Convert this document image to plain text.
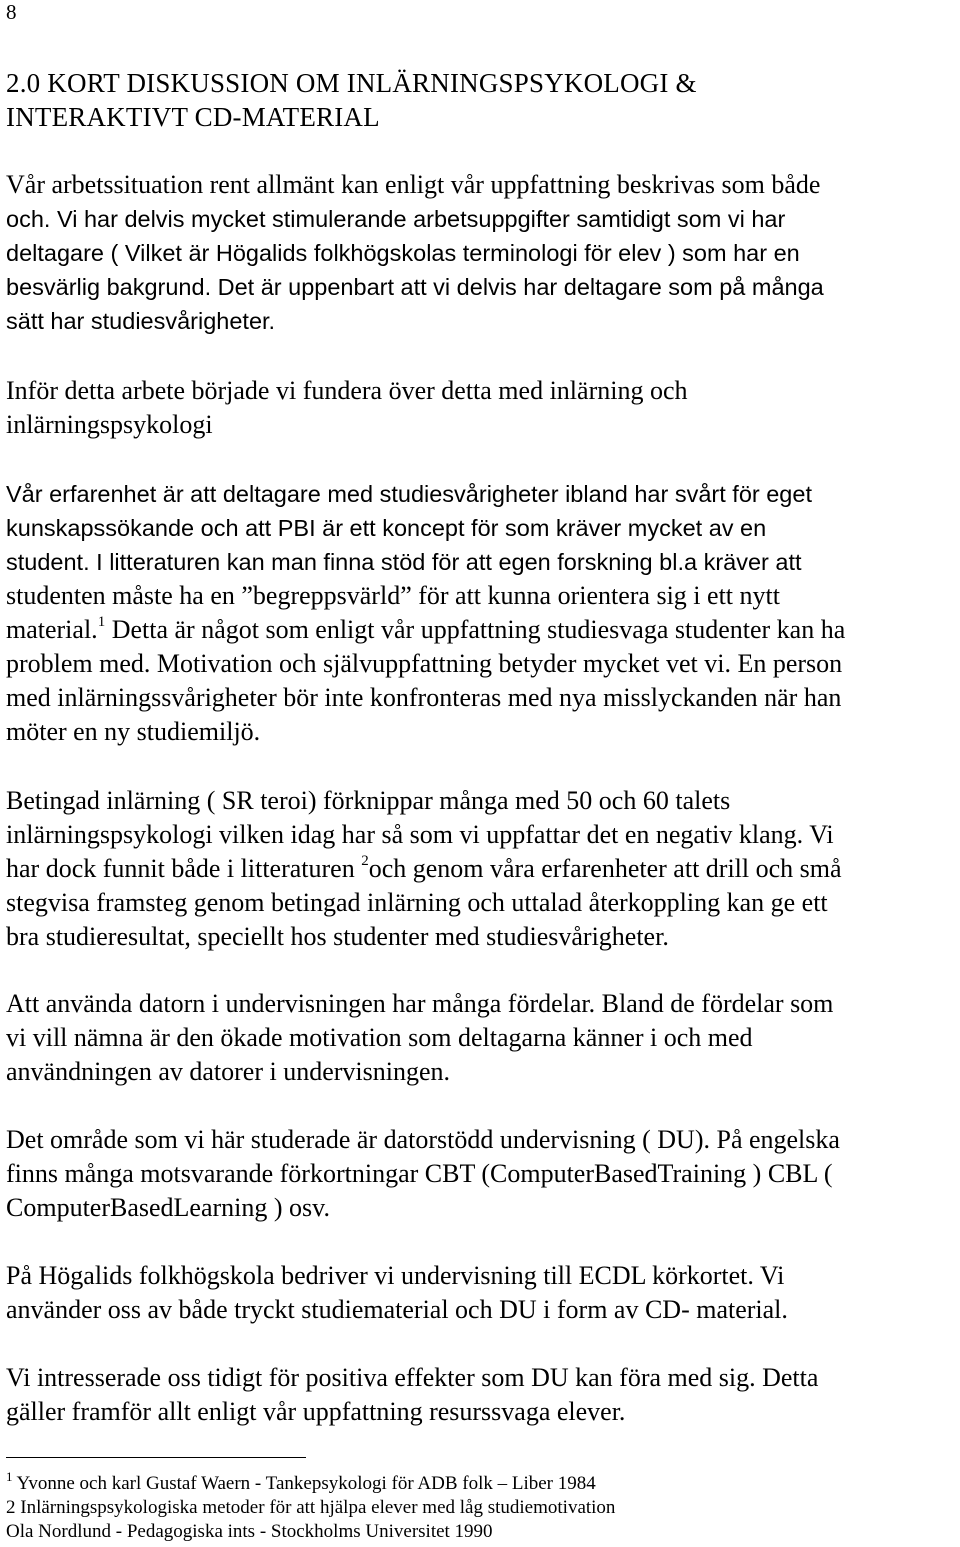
8
2.0 KORT DISKUSSION OM INLÄRNINGSPSYKOLOGI &
INTERAKTIVT CD-MATERIAL

Vår arbetssituation rent allmänt kan enligt vår uppfattning beskrivas som både
och. Vi har delvis mycket stimulerande arbetsuppgifter samtidigt som vi har
deltagare ( Vilket är Högalids folkhögskolas terminologi för elev ) som har en
besvärlig bakgrund. Det är uppenbart att vi delvis har deltagare som på många
sätt har studiesvårigheter.

Inför detta arbete började vi fundera över detta med inlärning och
inlärningspsykologi

Vår erfarenhet är att deltagare med studiesvårigheter ibland har svårt för eget
kunskapssökande och att PBI är ett koncept för som kräver mycket av en
student. I litteraturen kan man finna stöd för att egen forskning bl.a kräver att
studenten måste ha en ”begreppsvärld” för att kunna orientera sig i ett nytt
material.$^1$ Detta är något som enligt vår uppfattning studiesvaga studenter kan ha
problem med. Motivation och självuppfattning betyder mycket vet vi. En person
med inlärningssvårigheter bör inte konfronteras med nya misslyckanden när han
möter en ny studiemiljö.

Betingad inlärning ( SR teroi) förknippar många med 50 och 60 talets
inlärningspsykologi vilken idag har så som vi uppfattar det en negativ klang. Vi
har dock funnit både i litteraturen $^2$och genom våra erfarenheter att drill och små
stegvisa framsteg genom betingad inlärning och uttalad återkoppling kan ge ett
bra studieresultat, speciellt hos studenter med studiesvårigheter.

Att använda datorn i undervisningen har många fördelar. Bland de fördelar som
vi vill nämna är den ökade motivation som deltagarna känner i och med
användningen av datorer i undervisningen.

Det område som vi här studerade är datorstödd undervisning ( DU). På engelska
finns många motsvarande förkortningar CBT (ComputerBasedTraining ) CBL (
ComputerBasedLearning ) osv.

På Högalids folkhögskola bedriver vi undervisning till ECDL körkortet. Vi
använder oss av både tryckt studiematerial och DU i form av CD- material.

Vi intresserade oss tidigt för positiva effekter som DU kan föra med sig. Detta
gäller framför allt enligt vår uppfattning resurssvaga elever.

$^1$ Yvonne och karl Gustaf Waern - Tankepsykologi för ADB folk – Liber 1984
2 Inlärningspsykologiska metoder för att hjälpa elever med låg studiemotivation
Ola Nordlund - Pedagogiska ints - Stockholms Universitet 1990
